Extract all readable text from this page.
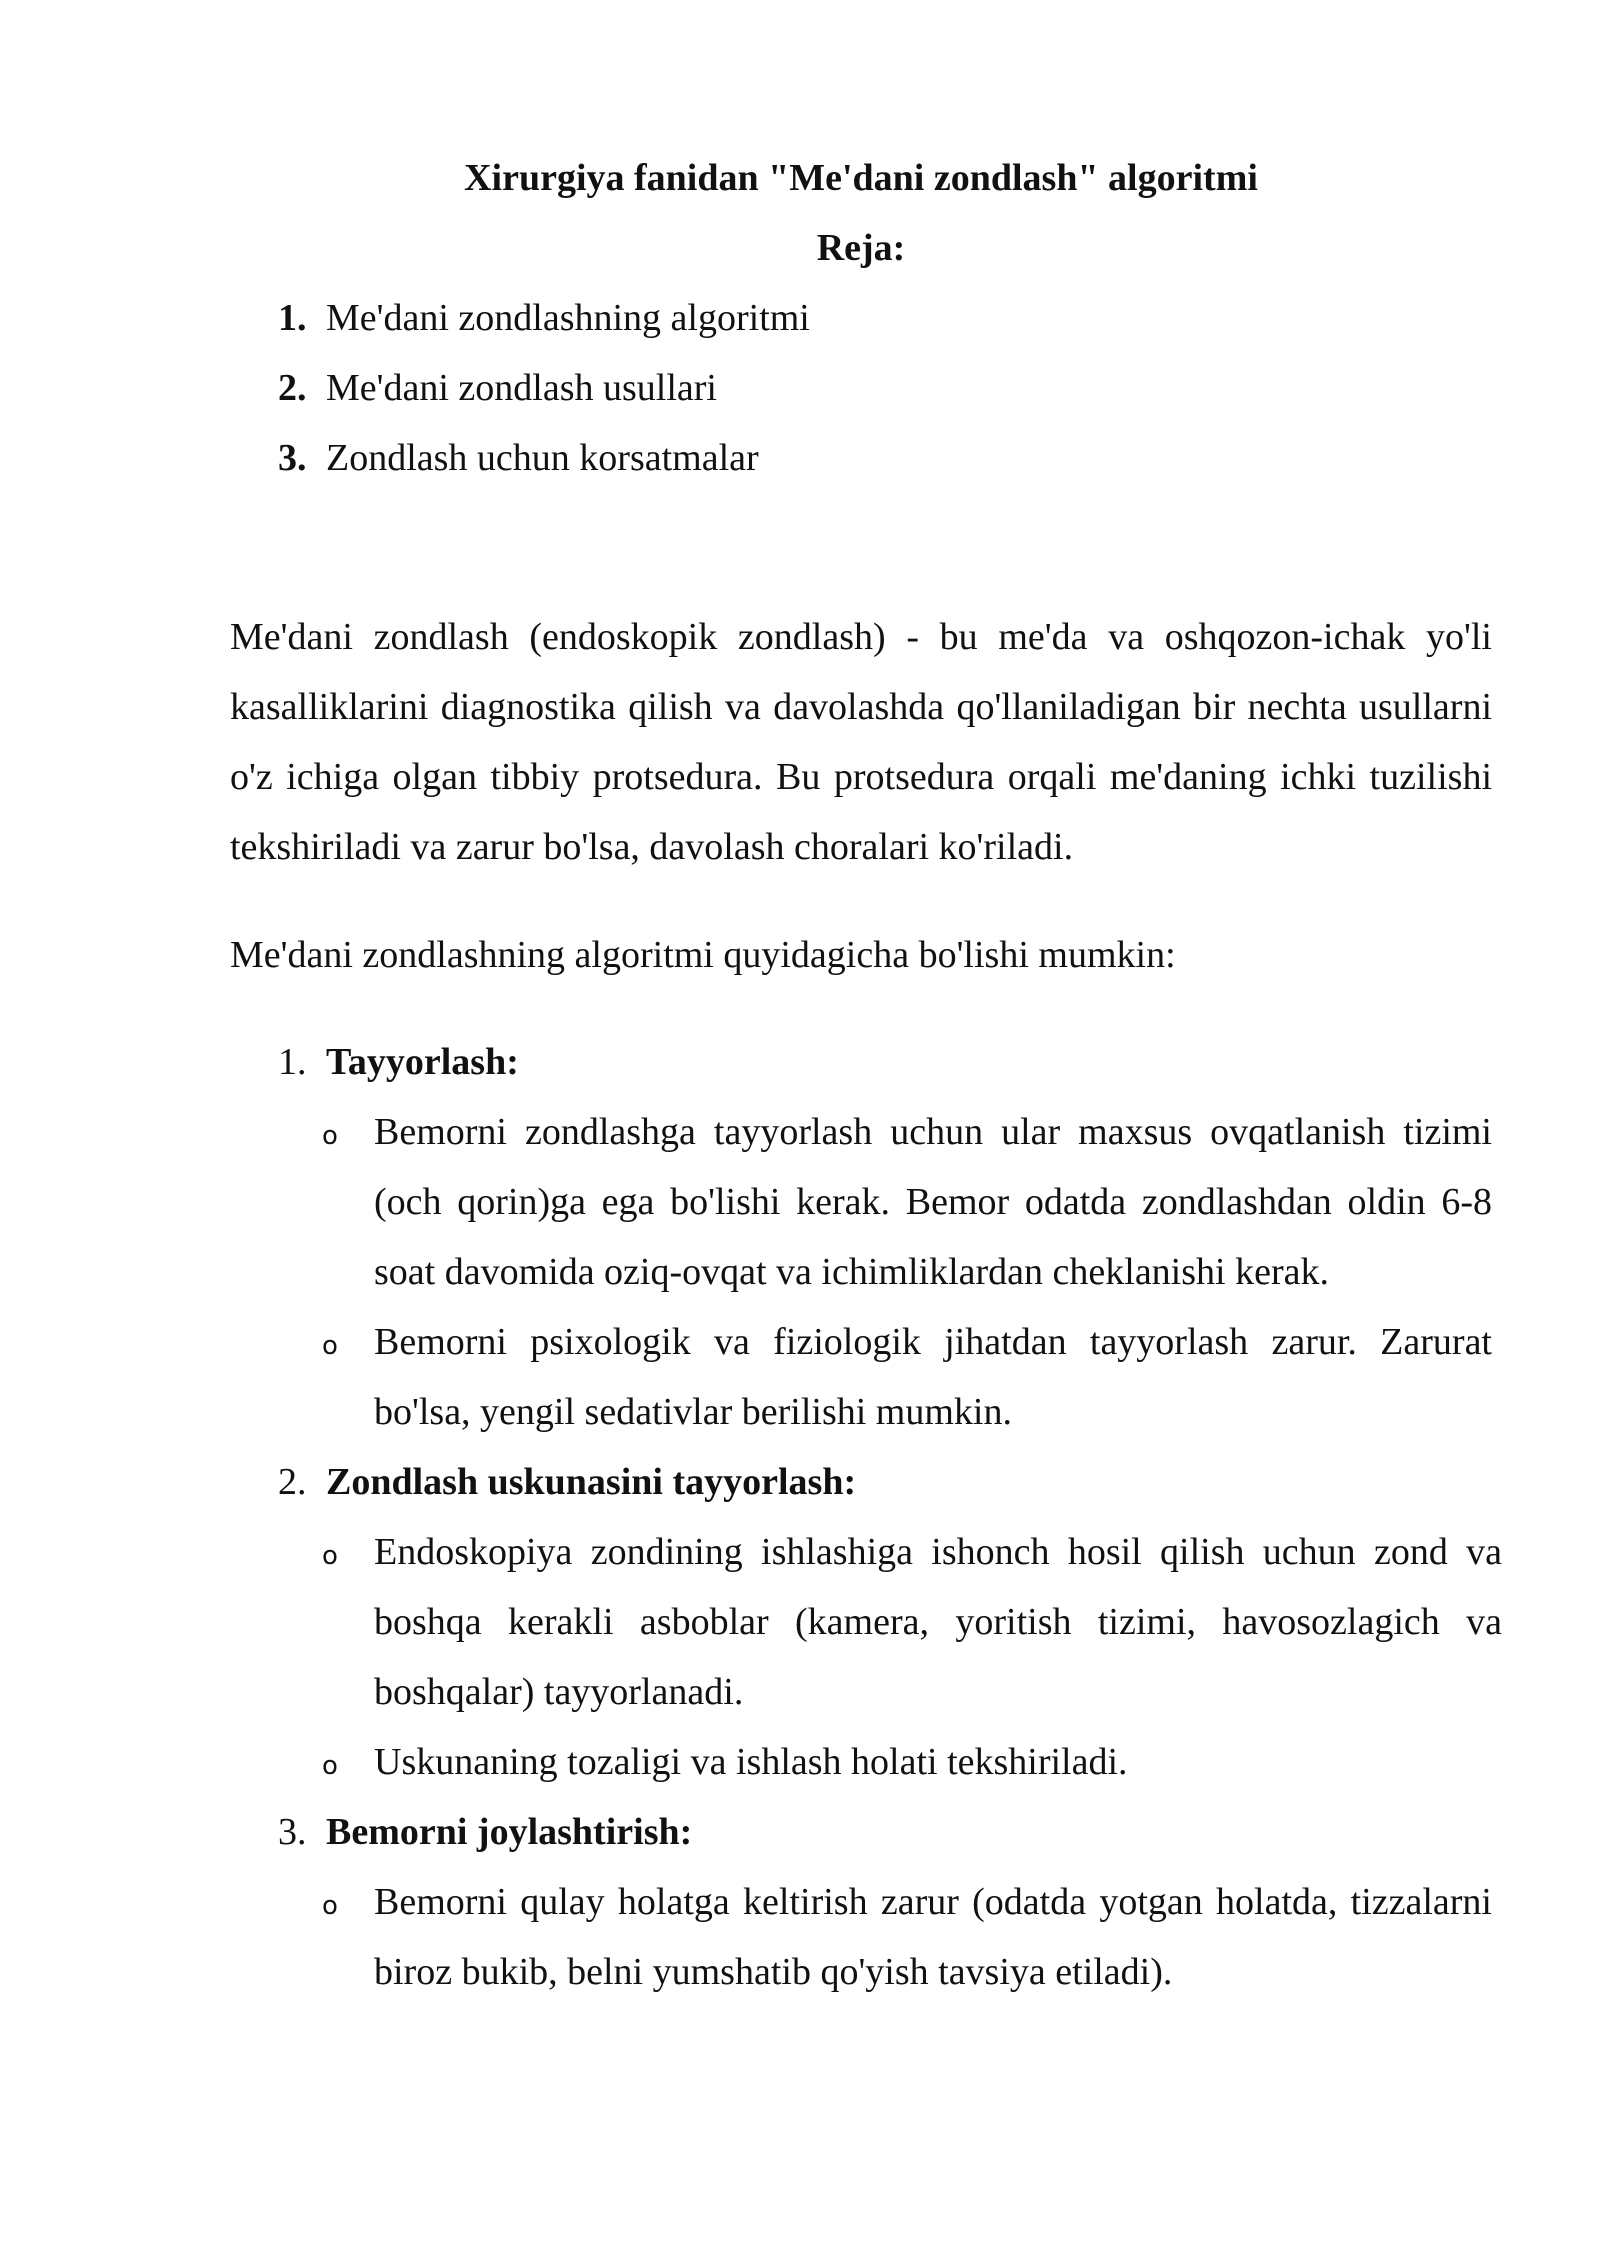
Xirurgiya fanidan "Me'dani zondlash" algoritmi
Reja:
1. Me'dani zondlashning algoritmi
2. Me'dani zondlash usullari
3. Zondlash uchun korsatmalar
Me'dani zondlash (endoskopik zondlash) - bu me'da va oshqozon-ichak yo'li kasalliklarini diagnostika qilish va davolashda qo'llaniladigan bir nechta usullarni o'z ichiga olgan tibbiy protsedura. Bu protsedura orqali me'daning ichki tuzilishi tekshiriladi va zarur bo'lsa, davolash choralari ko'riladi.
Me'dani zondlashning algoritmi quyidagicha bo'lishi mumkin:
1. Tayyorlash:
o Bemorni zondlashga tayyorlash uchun ular maxsus ovqatlanish tizimi (och qorin)ga ega bo'lishi kerak. Bemor odatda zondlashdan oldin 6-8 soat davomida oziq-ovqat va ichimliklardan cheklanishi kerak.
o Bemorni psixologik va fiziologik jihatdan tayyorlash zarur. Zarurat bo'lsa, yengil sedativlar berilishi mumkin.
2. Zondlash uskunasini tayyorlash:
o Endoskopiya zondining ishlashiga ishonch hosil qilish uchun zond va boshqa kerakli asboblar (kamera, yoritish tizimi, havosozlagich va boshqalar) tayyorlanadi.
o Uskunaning tozaligi va ishlash holati tekshiriladi.
3. Bemorni joylashtirish:
o Bemorni qulay holatga keltirish zarur (odatda yotgan holatda, tizzalarni biroz bukib, belni yumshatib qo'yish tavsiya etiladi).
